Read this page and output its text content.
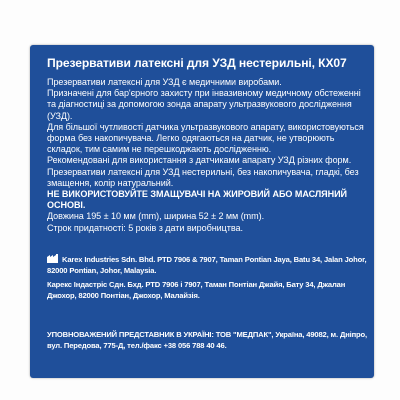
Презервативи латексні для УЗД нестерильні, КХ07

Презервативи латексні для УЗД є медичними виробами.

Призначені для бар'єрного захисту при інвазивному медичному обстеженні та діагностиці за допомогою зонда апарату ультразвукового дослідження (УЗД).

Для більшої чутливості датчика ультразвукового апарату, використовуються форма без накопичувача. Легко одягаються на датчик, не утворюють складок, тим самим не перешкоджають дослідженню.

Рекомендовані для використання з датчиками апарату УЗД різних форм.

Презервативи латексні для УЗД нестерильні, без накопичувача, гладкі, без змащення, колір натуральний.

НЕ ВИКОРИСТОВУЙТЕ ЗМАЩУВАЧІ НА ЖИРОВИЙ АБО МАСЛЯНИЙ ОСНОВІ.

Довжина 195 ± 10 мм (mm), ширина 52 ± 2 мм (mm).

Строк придатності: 5 років з дати виробництва.

Karex Industries Sdn. Bhd. PTD 7906 & 7907, Taman Pontian Jaya, Batu 34, Jalan Johor, 82000 Pontian, Johor, Malaysia.

Карекс Індастріс Сдн. Бхд. PTD 7906 і 7907, Таман Понтіан Джайя, Батy 34, Джалан Джохор, 82000 Понтіан, Джохор, Малайзія.

УПОВНОВАЖЕНИЙ ПРЕДСТАВНИК В УКРАЇНІ: ТОВ "МЕДПАК", Україна, 49082, м. Дніпро, вул. Передова, 775-Д, тел./факс +38 056 788 40 46.
